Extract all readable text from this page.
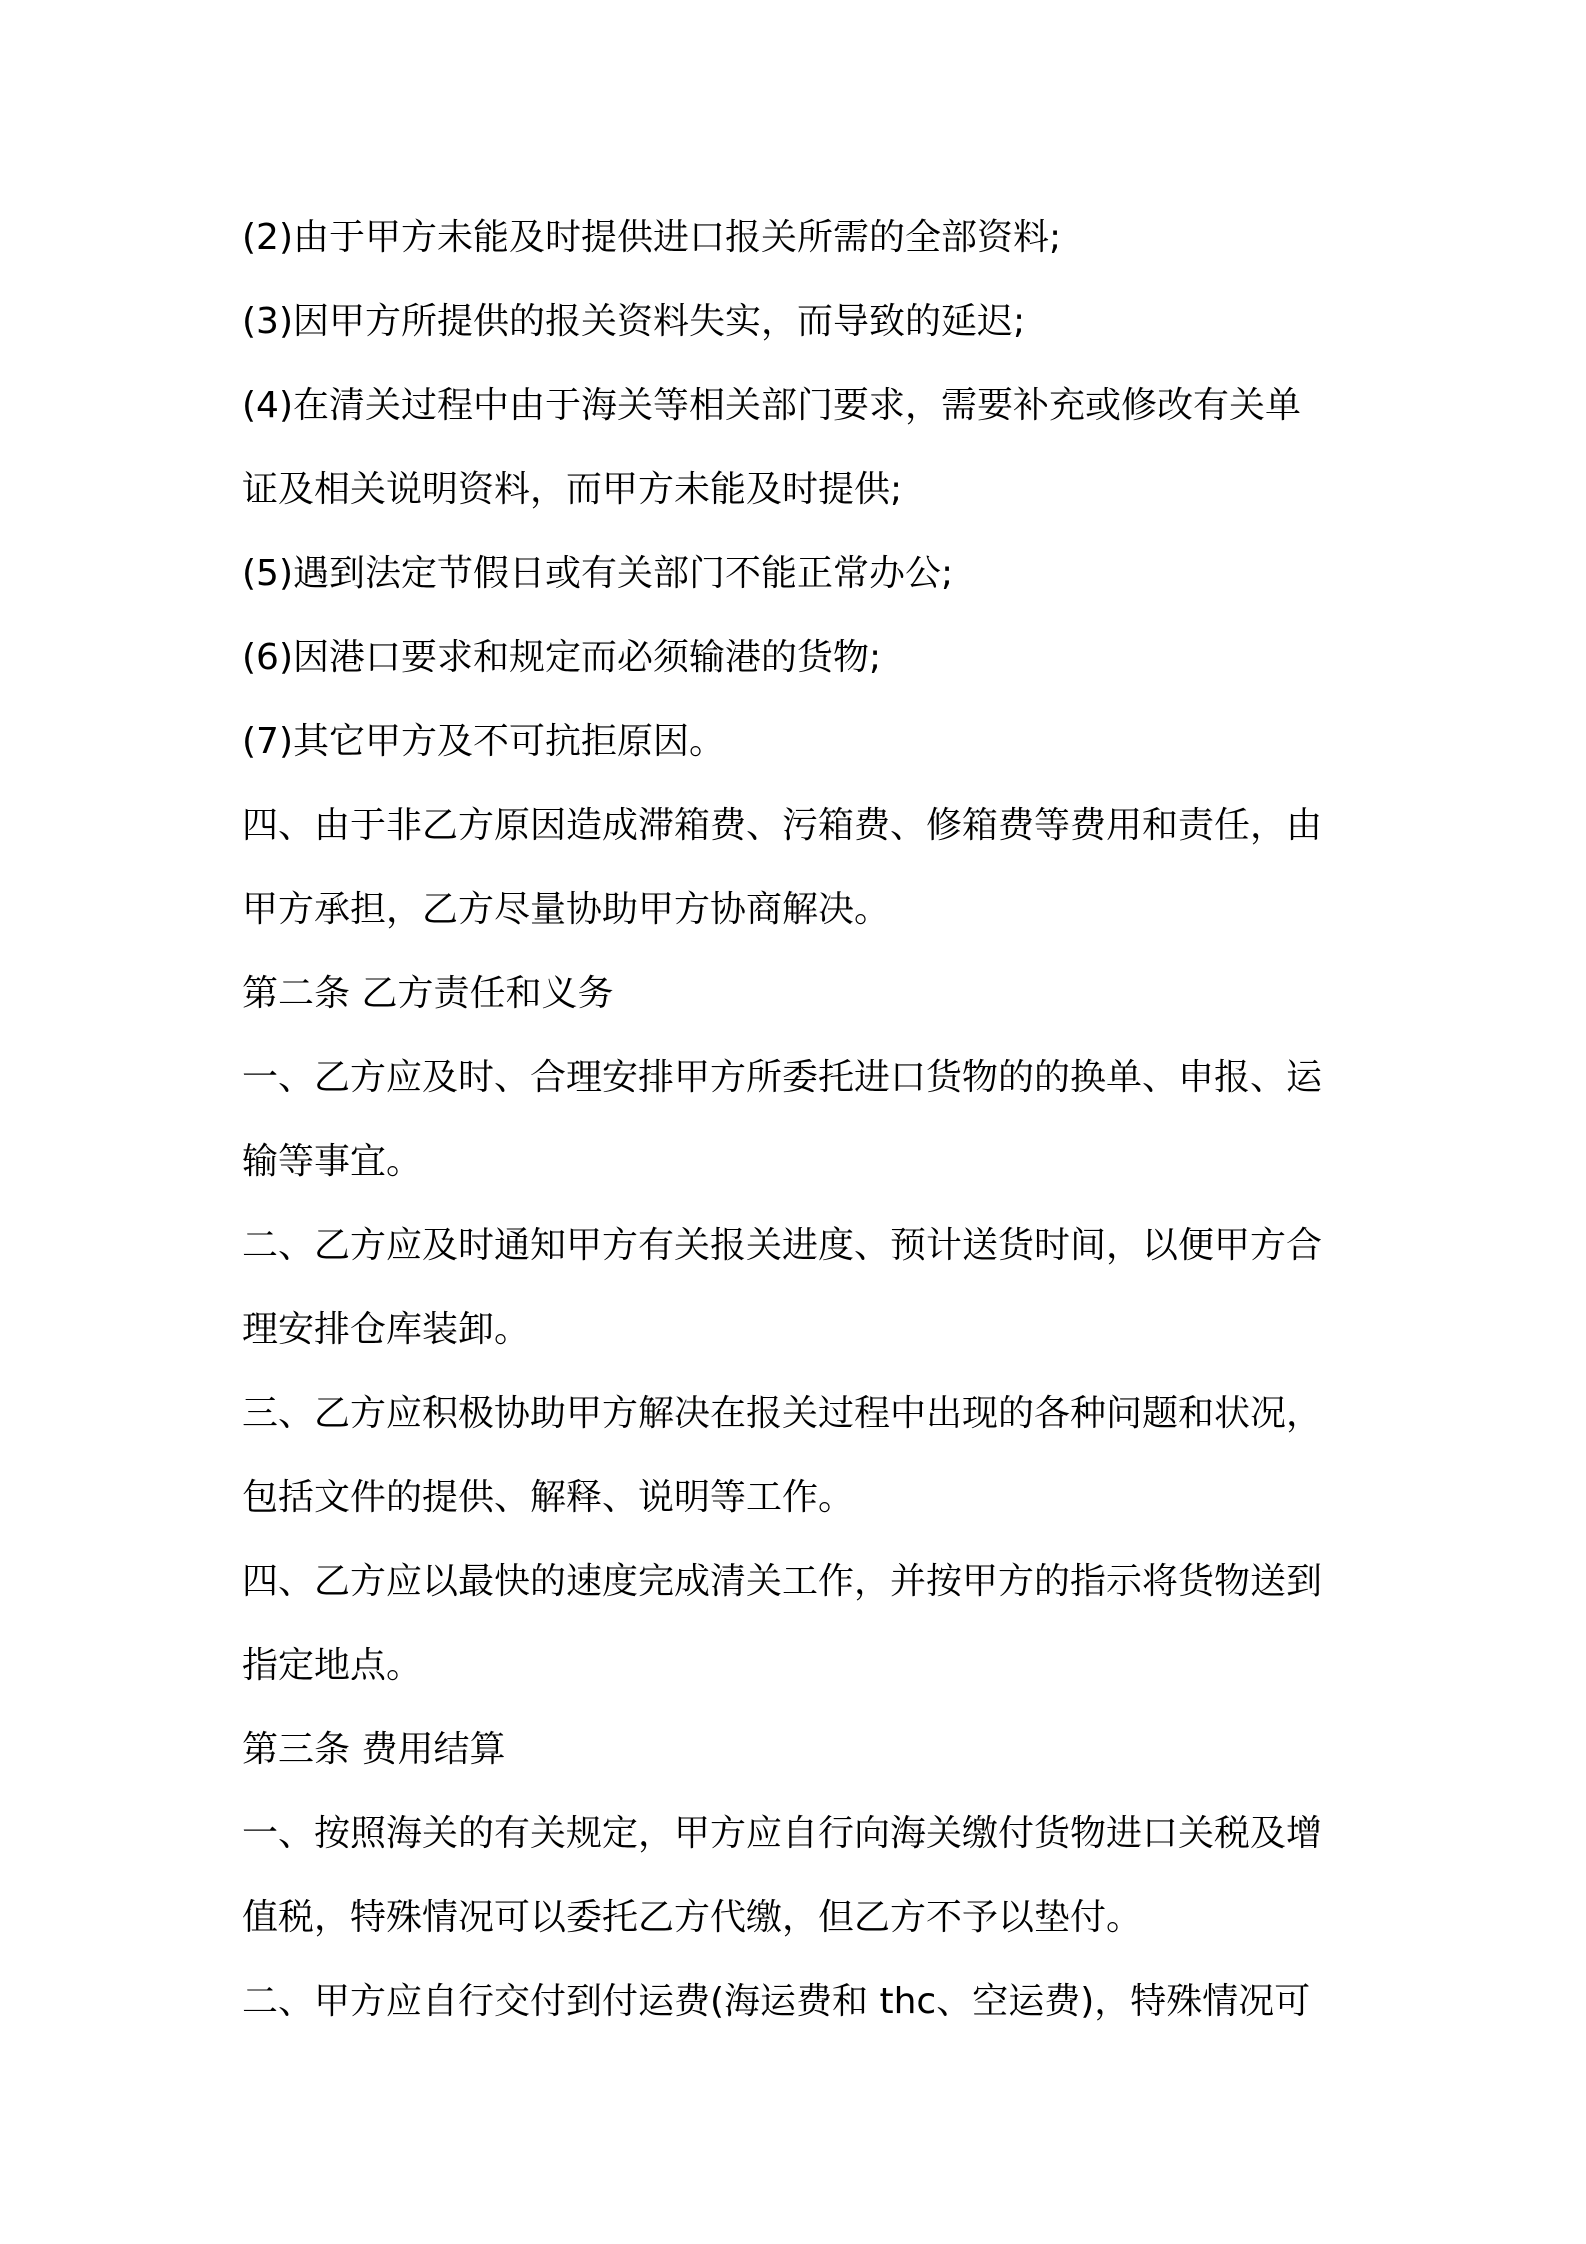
(2)由于甲方未能及时提供进口报关所需的全部资料;
(3)因甲方所提供的报关资料失实，而导致的延迟;
(4)在清关过程中由于海关等相关部门要求，需要补充或修改有关单
证及相关说明资料，而甲方未能及时提供;
(5)遇到法定节假日或有关部门不能正常办公;
(6)因港口要求和规定而必须输港的货物;
(7)其它甲方及不可抗拒原因。
四、由于非乙方原因造成滞箱费、污箱费、修箱费等费用和责任，由
甲方承担，乙方尽量协助甲方协商解决。
第二条 乙方责任和义务
一、乙方应及时、合理安排甲方所委托进口货物的的换单、申报、运
输等事宜。
二、乙方应及时通知甲方有关报关进度、预计送货时间，以便甲方合
理安排仓库装卸。
三、乙方应积极协助甲方解决在报关过程中出现的各种问题和状况，
包括文件的提供、解释、说明等工作。
四、乙方应以最快的速度完成清关工作，并按甲方的指示将货物送到
指定地点。
第三条 费用结算
一、按照海关的有关规定，甲方应自行向海关缴付货物进口关税及增
值税，特殊情况可以委托乙方代缴，但乙方不予以垫付。
二、甲方应自行交付到付运费(海运费和 thc、空运费)，特殊情况可
